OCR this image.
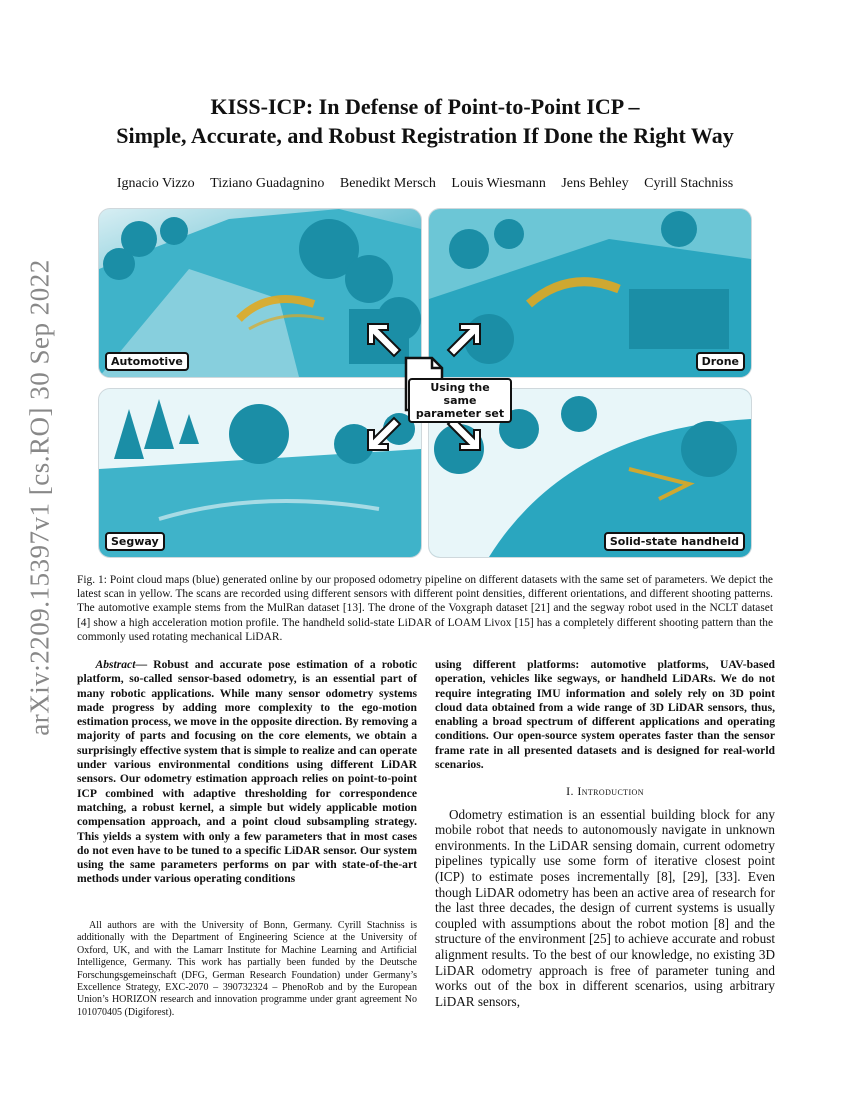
arXiv:2209.15397v1 [cs.RO] 30 Sep 2022
KISS-ICP: In Defense of Point-to-Point ICP –
Simple, Accurate, and Robust Registration If Done the Right Way
Ignacio Vizzo Tiziano Guadagnino Benedikt Mersch Louis Wiesmann Jens Behley Cyrill Stachniss
Automotive	Drone
Segway	Solid-state handheld
Using the same
parameter set
Fig. 1: Point cloud maps (blue) generated online by our proposed odometry pipeline on different datasets with the same set of parameters. We depict the latest scan in yellow. The scans are recorded using different sensors with different point densities, different orientations, and different shooting patterns. The automotive example stems from the MulRan dataset [13]. The drone of the Voxgraph dataset [21] and the segway robot used in the NCLT dataset [4] show a high acceleration motion profile. The handheld solid-state LiDAR of LOAM Livox [15] has a completely different shooting pattern than the commonly used rotating mechanical LiDAR.
Abstract— Robust and accurate pose estimation of a robotic platform, so-called sensor-based odometry, is an essential part of many robotic applications. While many sensor odometry systems made progress by adding more complexity to the ego-motion estimation process, we move in the opposite direction. By removing a majority of parts and focusing on the core elements, we obtain a surprisingly effective system that is simple to realize and can operate under various environmental conditions using different LiDAR sensors. Our odometry estimation approach relies on point-to-point ICP combined with adaptive thresholding for correspondence matching, a robust kernel, a simple but widely applicable motion compensation approach, and a point cloud subsampling strategy. This yields a system with only a few parameters that in most cases do not even have to be tuned to a specific LiDAR sensor. Our system using the same parameters performs on par with state-of-the-art methods under various operating conditions
using different platforms: automotive platforms, UAV-based operation, vehicles like segways, or handheld LiDARs. We do not require integrating IMU information and solely rely on 3D point cloud data obtained from a wide range of 3D LiDAR sensors, thus, enabling a broad spectrum of different applications and operating conditions. Our open-source system operates faster than the sensor frame rate in all presented datasets and is designed for real-world scenarios.
I. Introduction

Odometry estimation is an essential building block for any mobile robot that needs to autonomously navigate in unknown environments. In the LiDAR sensing domain, current odometry pipelines typically use some form of iterative closest point (ICP) to estimate poses incrementally [8], [29], [33]. Even though LiDAR odometry has been an active area of research for the last three decades, the design of current systems is usually coupled with assumptions about the robot motion [8] and the structure of the environment [25] to achieve accurate and robust alignment results. To the best of our knowledge, no existing 3D LiDAR odometry approach is free of parameter tuning and works out of the box in different scenarios, using arbitrary LiDAR sensors,

All authors are with the University of Bonn, Germany. Cyrill Stachniss is additionally with the Department of Engineering Science at the University of Oxford, UK, and with the Lamarr Institute for Machine Learning and Artificial Intelligence, Germany. This work has partially been funded by the Deutsche Forschungsgemeinschaft (DFG, German Research Foundation) under Germany’s Excellence Strategy, EXC-2070 – 390732324 – PhenoRob and by the European Union’s HORIZON research and innovation programme under grant agreement No 101070405 (Digiforest).
